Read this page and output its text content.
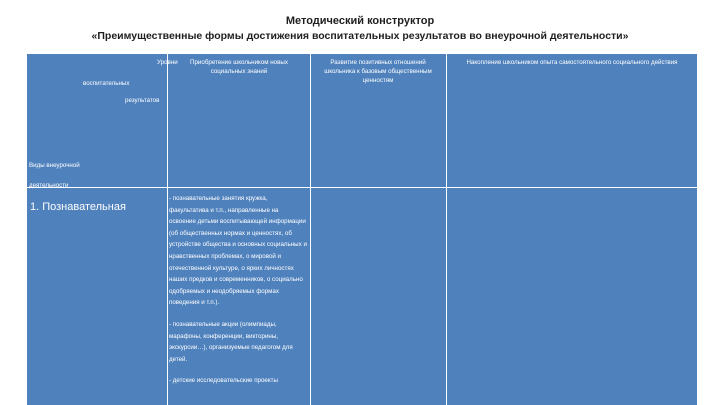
Методический конструктор
«Преимущественные формы достижения воспитательных результатов во внеурочной деятельности»
Уровни
воспитательных
результатов
Виды внеурочной
деятельности
Приобретение школьником новых социальных знаний
Развитие позитивных отношений школьника к базовым общественным ценностям
Накопление школьником опыта самостоятельного социального действия
1. Познавательная
- познавательные занятия кружка, факультатива и т.п., направленные на освоение детьми воспитывающей информации (об общественных нормах и ценностях, об устройстве общества и основных социальных и нравственных проблемах, о мировой и отечественной культуре, о ярких личностях наших предков и современников, о социально одобряемых и неодобряемых формах поведения и т.п.).
- познавательные акции (олимпиады, марафоны, конференции, викторины, экскурсии…), организуемые педагогом для детей.
- детские исследовательские проекты
